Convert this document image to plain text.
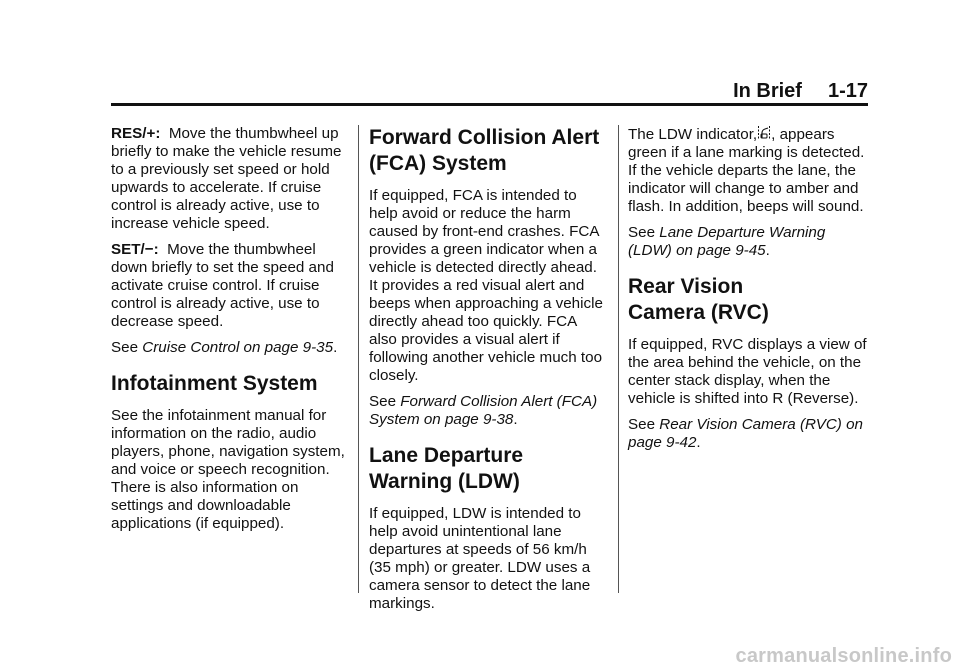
In Brief 1-17

RES/+: Move the thumbwheel up briefly to make the vehicle resume to a previously set speed or hold upwards to accelerate. If cruise control is already active, use to increase vehicle speed.

SET/−: Move the thumbwheel down briefly to set the speed and activate cruise control. If cruise control is already active, use to decrease speed.

See Cruise Control on page 9-35.

Infotainment System

See the infotainment manual for information on the radio, audio players, phone, navigation system, and voice or speech recognition. There is also information on settings and downloadable applications (if equipped).

Forward Collision Alert
(FCA) System

If equipped, FCA is intended to help avoid or reduce the harm caused by front-end crashes. FCA provides a green indicator when a vehicle is detected directly ahead. It provides a red visual alert and beeps when approaching a vehicle directly ahead too quickly. FCA also provides a visual alert if following another vehicle much too closely.

See Forward Collision Alert (FCA) System on page 9-38.

Lane Departure
Warning (LDW)

If equipped, LDW is intended to help avoid unintentional lane departures at speeds of 56 km/h (35 mph) or greater. LDW uses a camera sensor to detect the lane markings.

The LDW indicator, , appears green if a lane marking is detected. If the vehicle departs the lane, the indicator will change to amber and flash. In addition, beeps will sound.

See Lane Departure Warning (LDW) on page 9-45.

Rear Vision
Camera (RVC)

If equipped, RVC displays a view of the area behind the vehicle, on the center stack display, when the vehicle is shifted into R (Reverse).

See Rear Vision Camera (RVC) on page 9-42.

carmanualsonline.info
